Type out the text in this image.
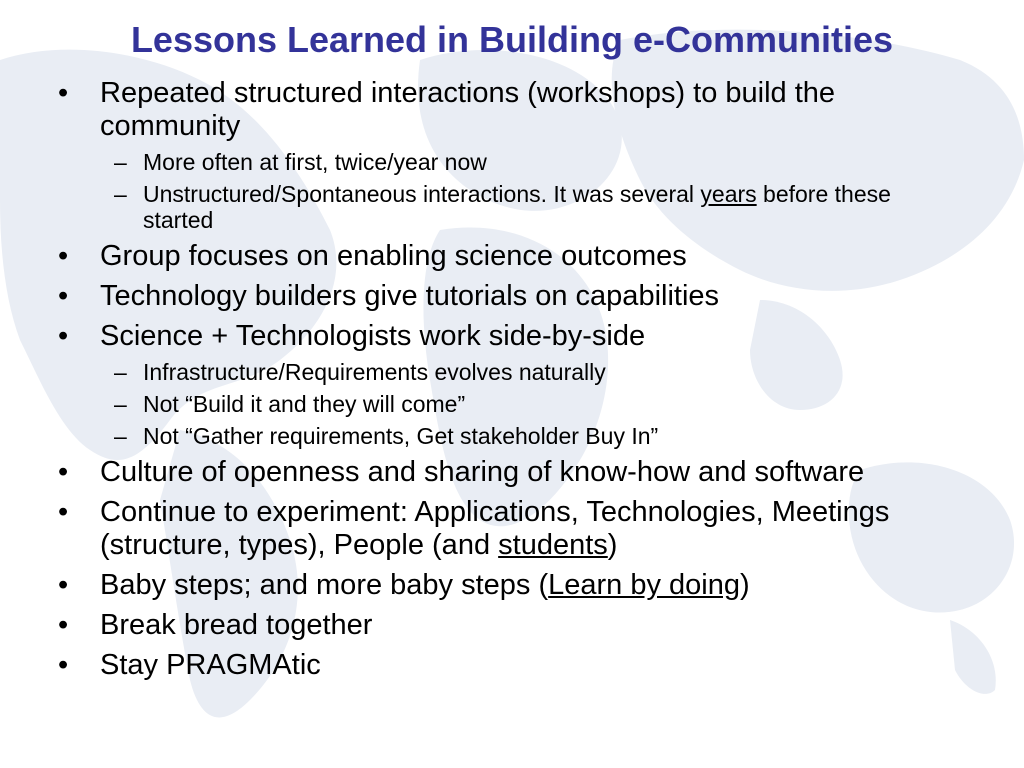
Lessons Learned in Building e-Communities
•	Repeated structured interactions (workshops) to build the community
– More often at first, twice/year now
– Unstructured/Spontaneous interactions. It was several years before these started
•	Group focuses on enabling science outcomes
•	Technology builders give tutorials on capabilities
•	Science + Technologists work side-by-side
– Infrastructure/Requirements evolves naturally
– Not “Build it and they will come”
– Not “Gather requirements, Get stakeholder Buy In”
•	Culture of openness and sharing of know-how and software
•	Continue to experiment: Applications, Technologies, Meetings (structure, types), People (and students)
•	Baby steps; and more baby steps (Learn by doing)
•	Break bread together
•	Stay PRAGMAtic
